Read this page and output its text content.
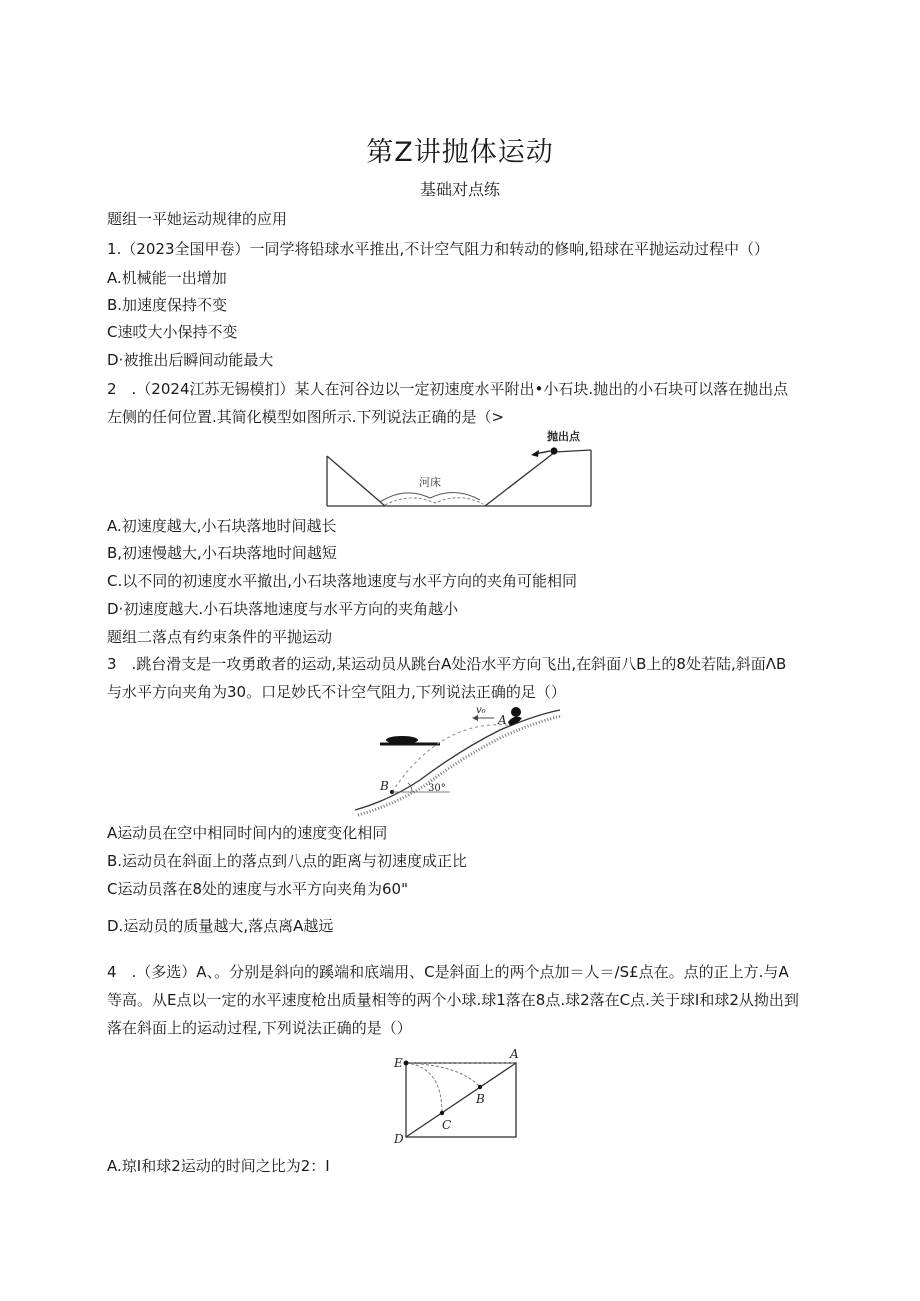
第Z讲抛体运动
基础对点练
题组一平她运动规律的应用
1.（2023全国甲卷）一同学将铅球水平推出,不计空气阻力和转动的修响,铅球在平抛运动过程中（）
A.机械能一出增加
B.加速度保持不变
C速哎大小保持不变
D·被推出后瞬间动能最大
2　.（2024江苏无锡模扪）某人在河谷边以一定初速度水平附出•小石块.抛出的小石块可以落在抛出点
左侧的任何位置.其简化模型如图所示.下列说法正确的是（>
河床
抛出点
A.初速度越大,小石块落地时间越长
B,初速慢越大,小石块落地时间越短
C.以不同的初速度水平撤出,小石块落地速度与水平方向的夹角可能相同
D·初速度越大.小石块落地速度与水平方向的夹角越小
题组二落点有约束条件的平抛运动
3　.跳台滑支是一攻勇敢者的运动,某运动员从跳台A处沿水平方向飞出,在斜面八B上的8处若陆,斜面ΛB
与水平方向夹角为30。口足妙氏不计空气阻力,下列说法正确的足（）
v₀
A
B	30°
A运动员在空中相同时间内的速度变化相同
B.运动员在斜面上的落点到八点的距离与初速度成正比
C运动员落在8处的速度与水平方向夹角为60"
D.运动员的质量越大,落点离A越远
4　.（多选）A、。分别是斜向的蹊端和底端用、C是斜面上的两个点加＝人＝/S£点在。点的正上方.与A
等高。从E点以一定的水平速度枪出质量相等的两个小球.球1落在8点.球2落在C点.关于球I和球2从拗出到
落在斜面上的运动过程,下列说法正确的是（）
E
A
B
C
D
A.琼I和球2运动的时间之比为2：I
